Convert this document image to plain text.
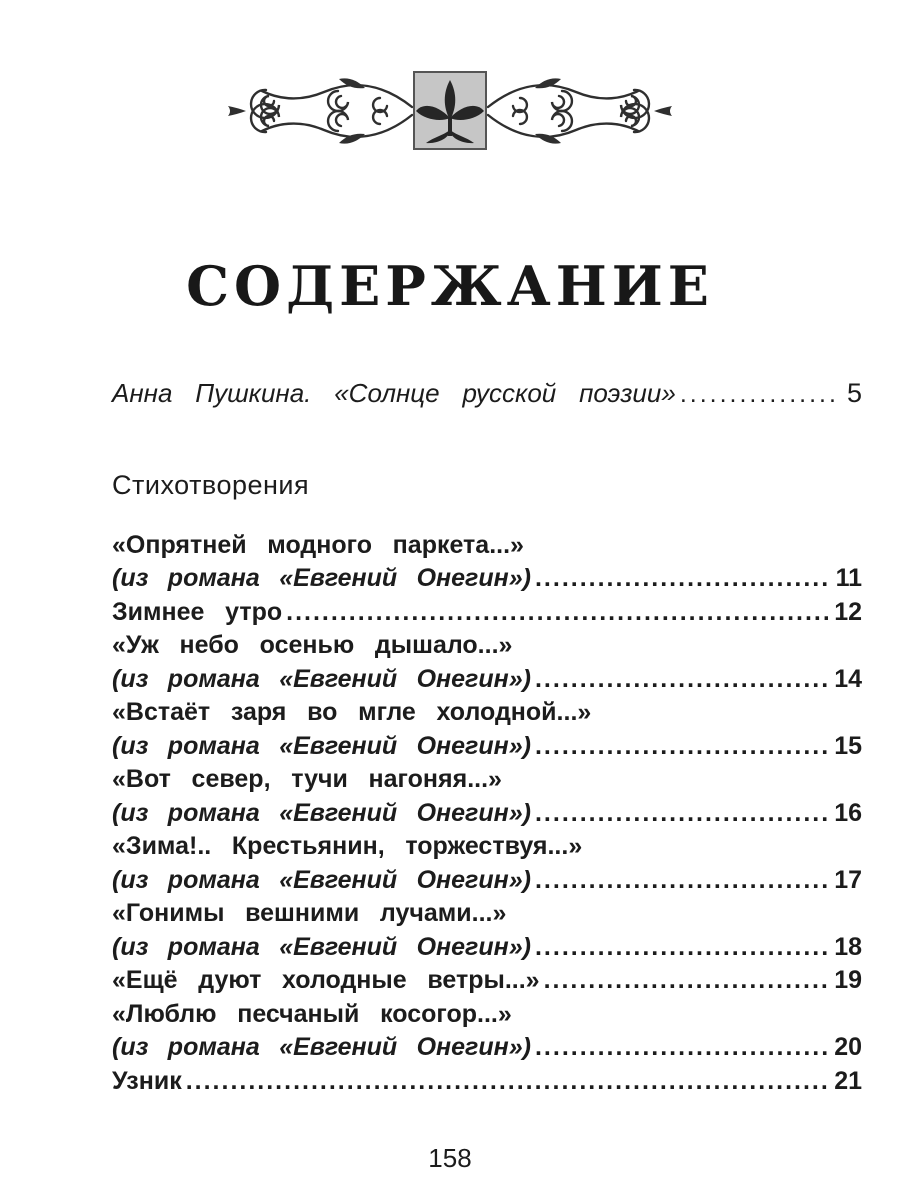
СОДЕРЖАНИЕ
Анна Пушкина. «Солнце русской поэзии» .....	5
Стихотворения
«Опрятней модного паркета...»
(из романа «Евгений Онегин») .....	11
Зимнее утро .....	12
«Уж небо осенью дышало...»
(из романа «Евгений Онегин») .....	14
«Встаёт заря во мгле холодной...»
(из романа «Евгений Онегин») .....	15
«Вот север, тучи нагоняя...»
(из романа «Евгений Онегин») .....	16
«Зима!.. Крестьянин, торжествуя...»
(из романа «Евгений Онегин») .....	17
«Гонимы вешними лучами...»
(из романа «Евгений Онегин») .....	18
«Ещё дуют холодные ветры...» .....	19
«Люблю песчаный косогор...»
(из романа «Евгений Онегин») .....	20
Узник .....	21
158
